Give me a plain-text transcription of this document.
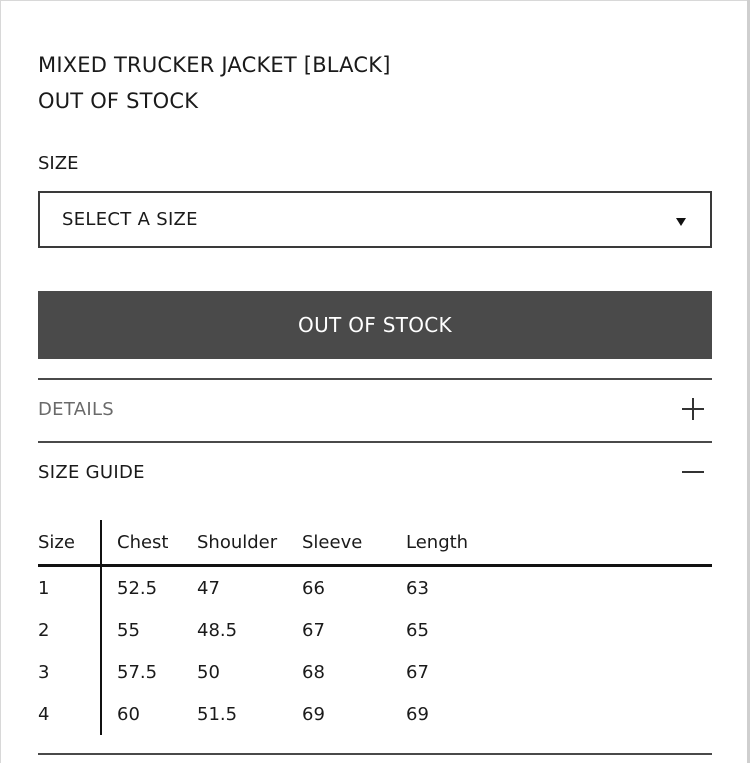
MIXED TRUCKER JACKET [BLACK]
OUT OF STOCK
SIZE
SELECT A SIZE
OUT OF STOCK
DETAILS
SIZE GUIDE
Size	Chest	Shoulder	Sleeve	Length
1	52.5	47	66	63
2	55	48.5	67	65
3	57.5	50	68	67
4	60	51.5	69	69
